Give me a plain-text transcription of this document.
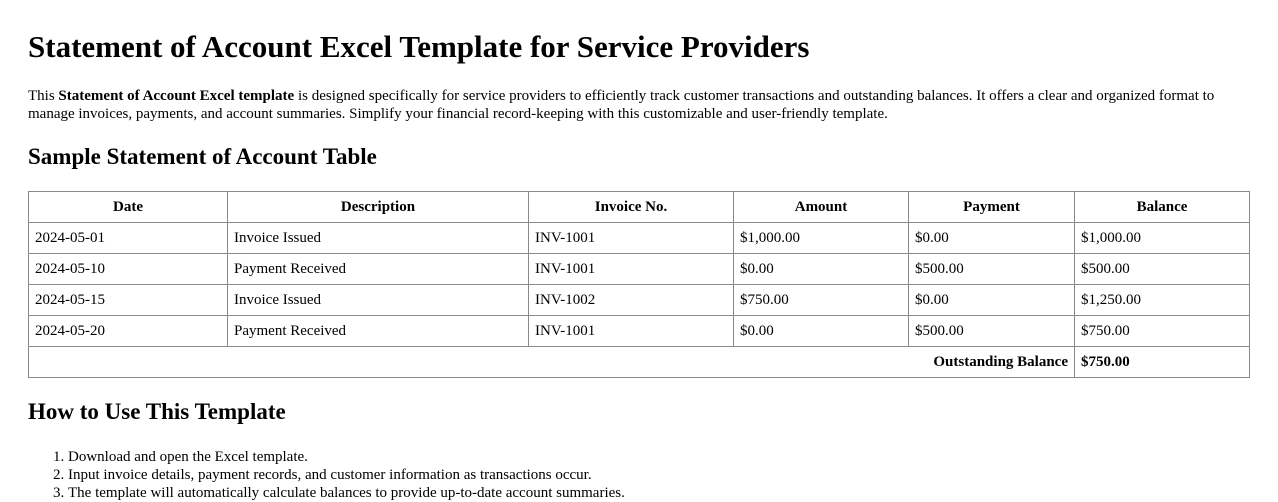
Statement of Account Excel Template for Service Providers

This Statement of Account Excel template is designed specifically for service providers to efficiently track customer transactions and outstanding balances. It offers a clear and organized format to manage invoices, payments, and account summaries. Simplify your financial record-keeping with this customizable and user-friendly template.

Sample Statement of Account Table
Date	Description	Invoice No.	Amount	Payment	Balance
2024-05-01	Invoice Issued	INV-1001	$1,000.00	$0.00	$1,000.00
2024-05-10	Payment Received	INV-1001	$0.00	$500.00	$500.00
2024-05-15	Invoice Issued	INV-1002	$750.00	$0.00	$1,250.00
2024-05-20	Payment Received	INV-1001	$0.00	$500.00	$750.00
Outstanding Balance					$750.00
How to Use This Template
1. Download and open the Excel template.
2. Input invoice details, payment records, and customer information as transactions occur.
3. The template will automatically calculate balances to provide up-to-date account summaries.
